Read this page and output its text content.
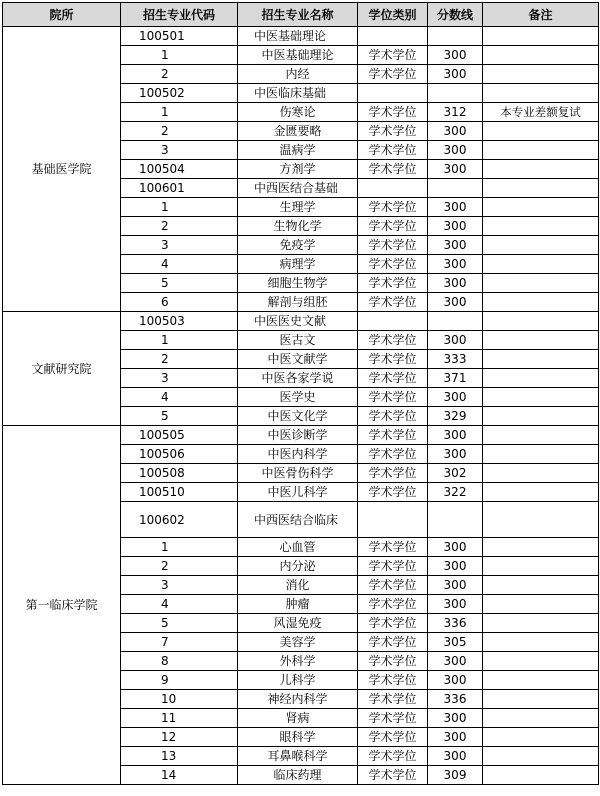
院所	招生专业代码	招生专业名称	学位类别	分数线	备注
基础医学院	100501	中医基础理论			
	1	中医基础理论	学术学位	300	
	2	内经	学术学位	300	
	100502	中医临床基础			
	1	伤寒论	学术学位	312	本专业差额复试
	2	金匮要略	学术学位	300	
	3	温病学	学术学位	300	
	100504	方剂学	学术学位	300	
	100601	中西医结合基础			
	1	生理学	学术学位	300	
	2	生物化学	学术学位	300	
	3	免疫学	学术学位	300	
	4	病理学	学术学位	300	
	5	细胞生物学	学术学位	300	
	6	解剖与组胚	学术学位	300	
文献研究院	100503	中医医史文献			
	1	医古文	学术学位	300	
	2	中医文献学	学术学位	333	
	3	中医各家学说	学术学位	371	
	4	医学史	学术学位	300	
	5	中医文化学	学术学位	329	
第一临床学院	100505	中医诊断学	学术学位	300	
	100506	中医内科学	学术学位	300	
	100508	中医骨伤科学	学术学位	302	
	100510	中医儿科学	学术学位	322	
	100602	中西医结合临床			
	1	心血管	学术学位	300	
	2	内分泌	学术学位	300	
	3	消化	学术学位	300	
	4	肿瘤	学术学位	300	
	5	风湿免疫	学术学位	336	
	7	美容学	学术学位	305	
	8	外科学	学术学位	300	
	9	儿科学	学术学位	300	
	10	神经内科学	学术学位	336	
	11	肾病	学术学位	300	
	12	眼科学	学术学位	300	
	13	耳鼻喉科学	学术学位	300	
	14	临床药理	学术学位	309	
